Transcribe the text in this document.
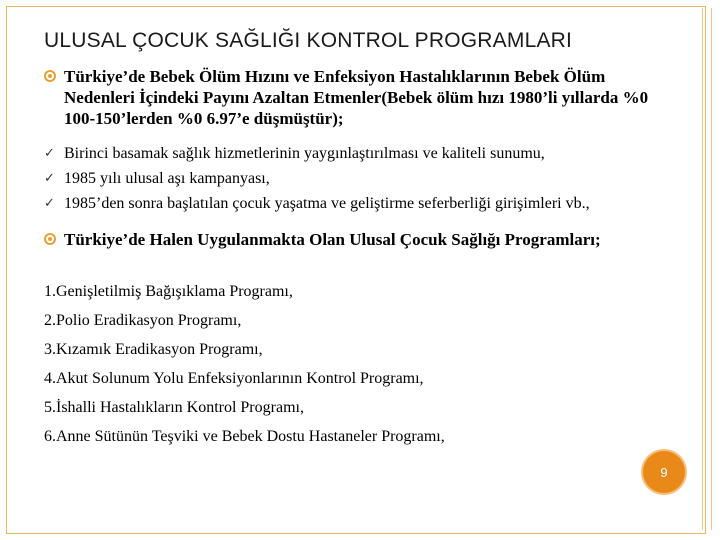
ULUSAL ÇOCUK SAĞLIĞI KONTROL PROGRAMLARI
Türkiye’de Bebek Ölüm Hızını ve Enfeksiyon Hastalıklarının Bebek Ölüm Nedenleri İçindeki Payını Azaltan Etmenler(Bebek ölüm hızı 1980’li yıllarda %0 100-150’lerden %0 6.97’e düşmüştür);
✓ Birinci basamak sağlık hizmetlerinin yaygınlaştırılması ve kaliteli sunumu,
✓ 1985 yılı ulusal aşı kampanyası,
✓ 1985’den sonra başlatılan çocuk yaşatma ve geliştirme seferberliği girişimleri vb.,
Türkiye’de Halen Uygulanmakta Olan Ulusal Çocuk Sağlığı Programları;
1.Genişletilmiş Bağışıklama Programı,
2.Polio Eradikasyon Programı,
3.Kızamık Eradikasyon Programı,
4.Akut Solunum Yolu Enfeksiyonlarının Kontrol Programı,
5.İshalli Hastalıkların Kontrol Programı,
6.Anne Sütünün Teşviki ve Bebek Dostu Hastaneler Programı,
9
